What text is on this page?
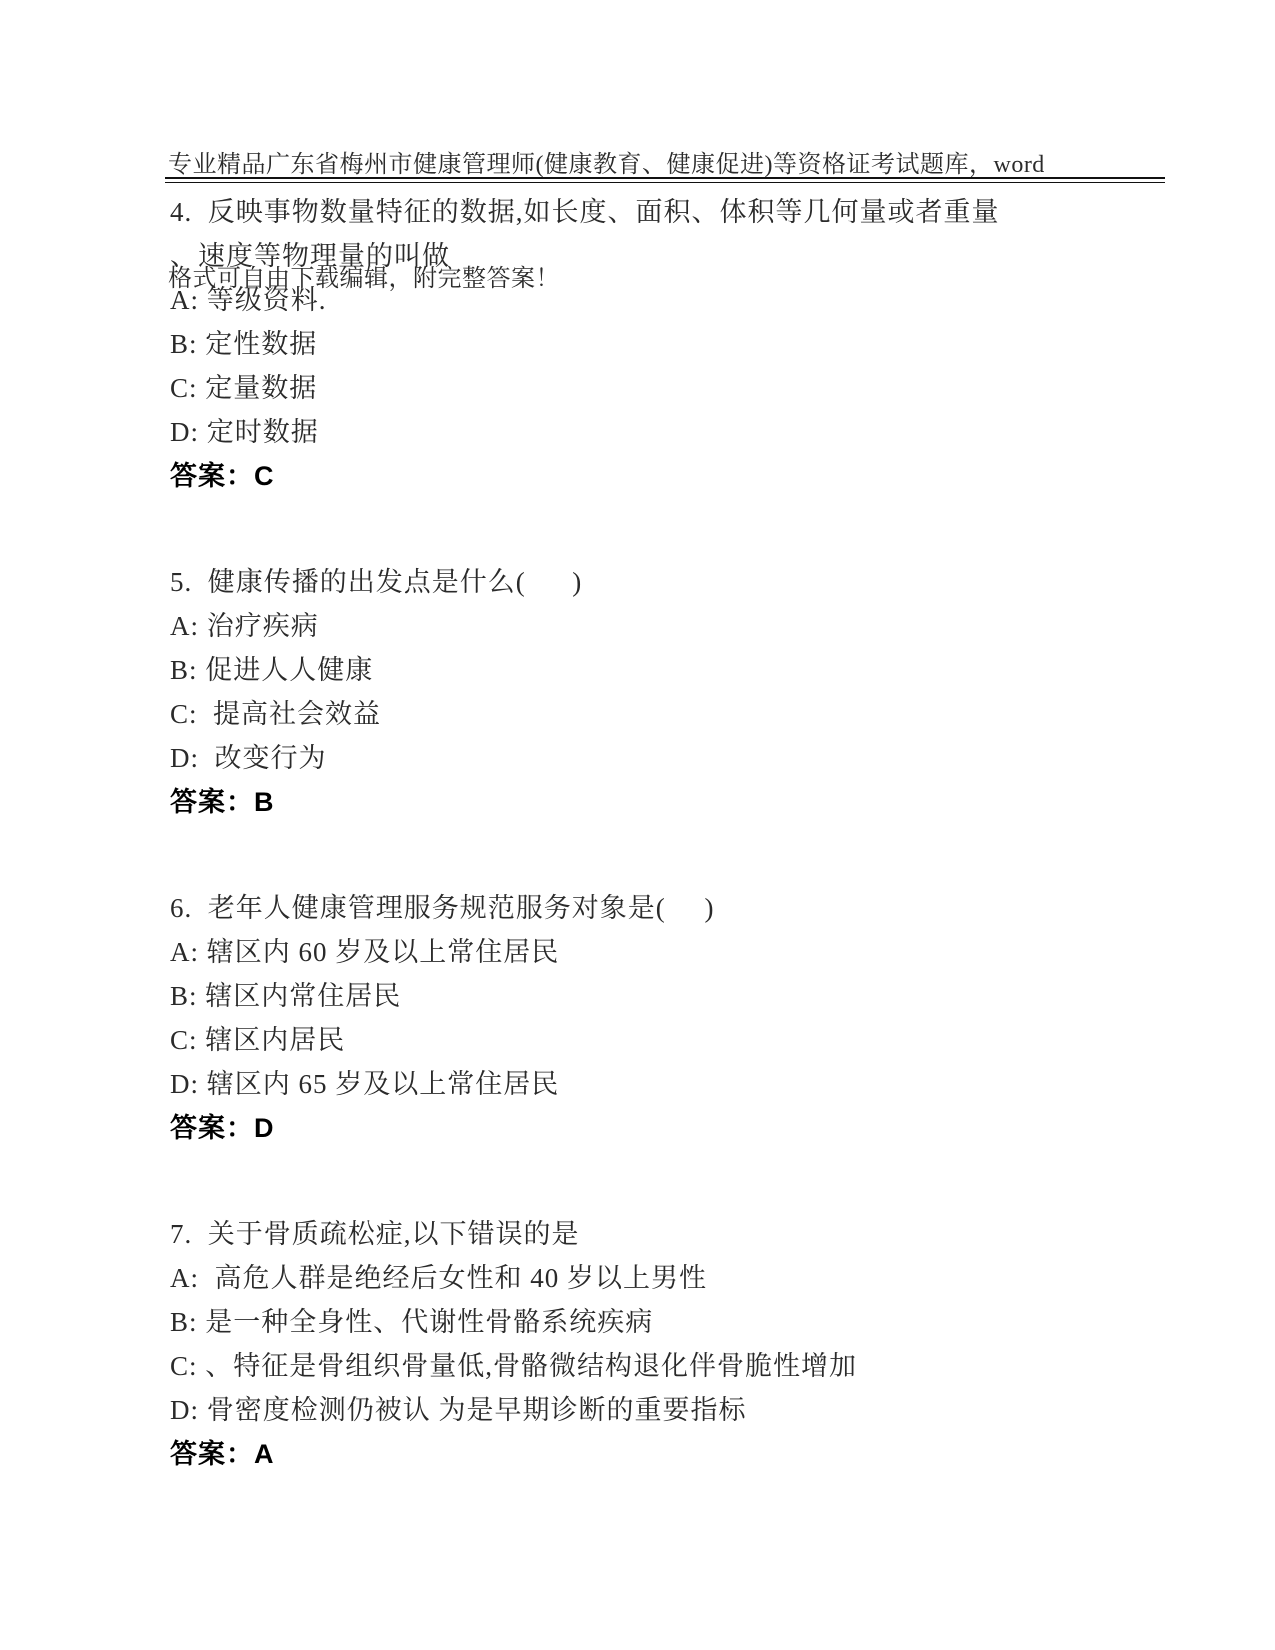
专业精品广东省梅州市健康管理师(健康教育、健康促进)等资格证考试题库，word

格式可自由下载编辑，附完整答案！

4.  反映事物数量特征的数据,如长度、面积、体积等几何量或者重量
、速度等物理量的叫做
A: 等级资料.
B: 定性数据
C: 定量数据
D: 定时数据
答案：C
5.  健康传播的出发点是什么(      )
A: 治疗疾病
B: 促进人人健康
C:  提高社会效益
D:  改变行为
答案：B
6.  老年人健康管理服务规范服务对象是(     )
A: 辖区内 60 岁及以上常住居民
B: 辖区内常住居民
C: 辖区内居民
D: 辖区内 65 岁及以上常住居民
答案：D
7.  关于骨质疏松症,以下错误的是
A:  高危人群是绝经后女性和 40 岁以上男性
B: 是一种全身性、代谢性骨骼系统疾病
C: 、特征是骨组织骨量低,骨骼微结构退化伴骨脆性增加
D: 骨密度检测仍被认 为是早期诊断的重要指标
答案：A
